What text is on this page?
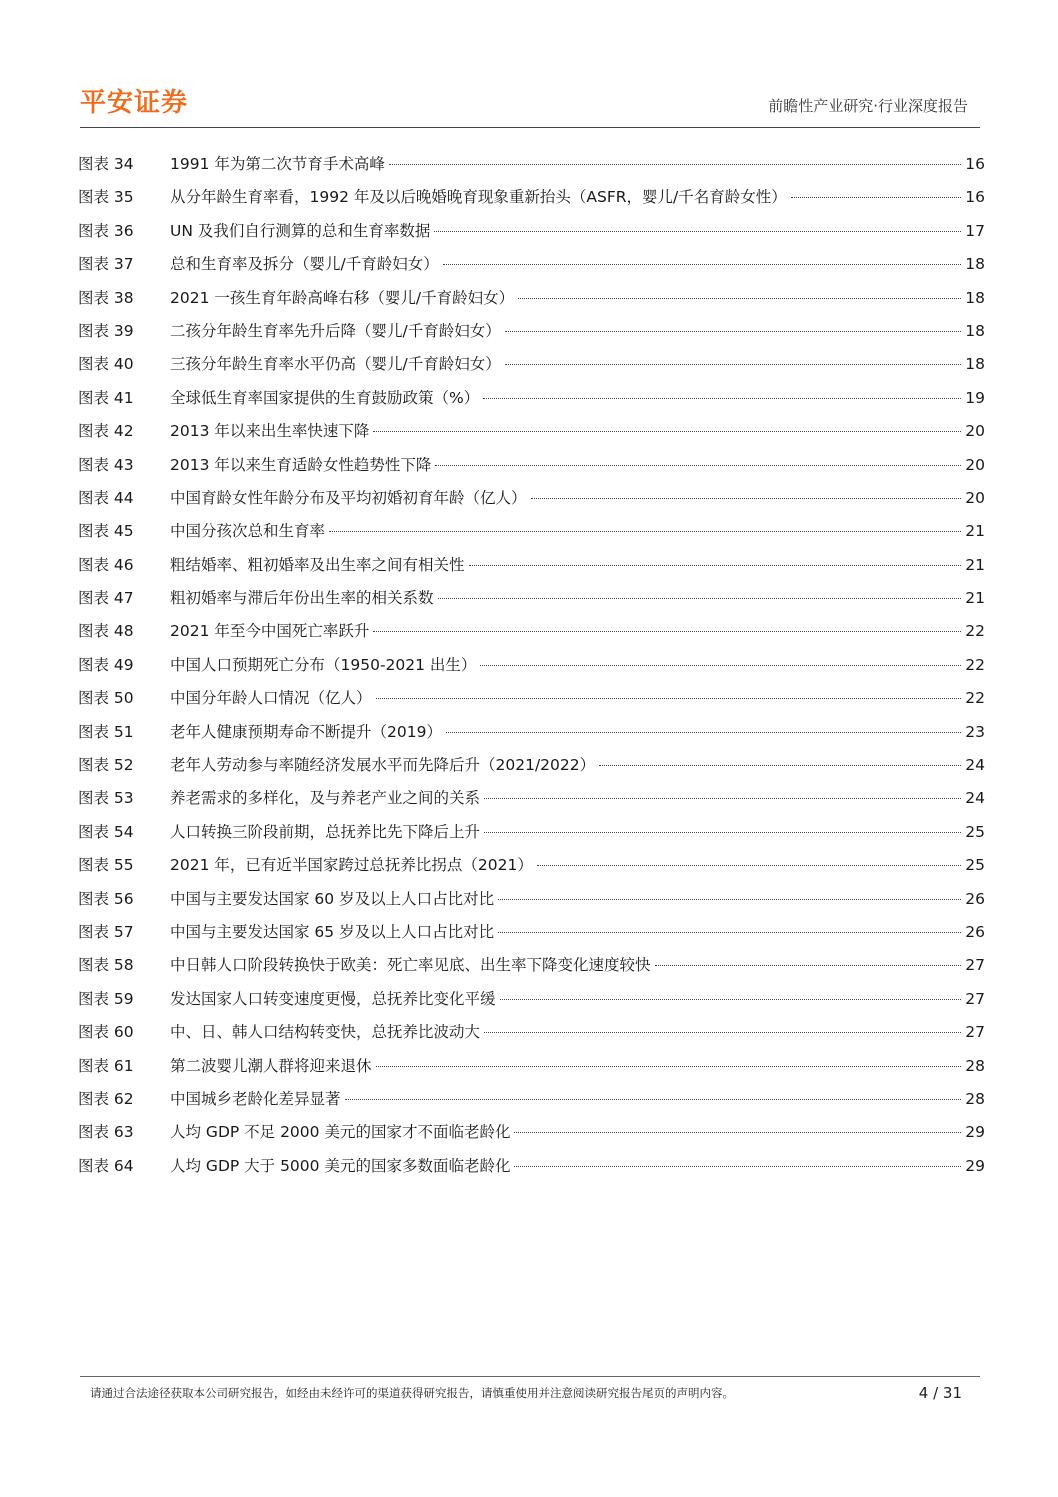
平安证券	前瞻性产业研究·行业深度报告
图表 34	1991 年为第二次节育手术高峰	16
图表 35	从分年龄生育率看，1992 年及以后晚婚晚育现象重新抬头（ASFR，婴儿/千名育龄女性）	16
图表 36	UN 及我们自行测算的总和生育率数据	17
图表 37	总和生育率及拆分（婴儿/千育龄妇女）	18
图表 38	2021 一孩生育年龄高峰右移（婴儿/千育龄妇女）	18
图表 39	二孩分年龄生育率先升后降（婴儿/千育龄妇女）	18
图表 40	三孩分年龄生育率水平仍高（婴儿/千育龄妇女）	18
图表 41	全球低生育率国家提供的生育鼓励政策（%）	19
图表 42	2013 年以来出生率快速下降	20
图表 43	2013 年以来生育适龄女性趋势性下降	20
图表 44	中国育龄女性年龄分布及平均初婚初育年龄（亿人）	20
图表 45	中国分孩次总和生育率	21
图表 46	粗结婚率、粗初婚率及出生率之间有相关性	21
图表 47	粗初婚率与滞后年份出生率的相关系数	21
图表 48	2021 年至今中国死亡率跃升	22
图表 49	中国人口预期死亡分布（1950-2021 出生）	22
图表 50	中国分年龄人口情况（亿人）	22
图表 51	老年人健康预期寿命不断提升（2019）	23
图表 52	老年人劳动参与率随经济发展水平而先降后升（2021/2022）	24
图表 53	养老需求的多样化，及与养老产业之间的关系	24
图表 54	人口转换三阶段前期，总抚养比先下降后上升	25
图表 55	2021 年，已有近半国家跨过总抚养比拐点（2021）	25
图表 56	中国与主要发达国家 60 岁及以上人口占比对比	26
图表 57	中国与主要发达国家 65 岁及以上人口占比对比	26
图表 58	中日韩人口阶段转换快于欧美：死亡率见底、出生率下降变化速度较快	27
图表 59	发达国家人口转变速度更慢，总抚养比变化平缓	27
图表 60	中、日、韩人口结构转变快，总抚养比波动大	27
图表 61	第二波婴儿潮人群将迎来退休	28
图表 62	中国城乡老龄化差异显著	28
图表 63	人均 GDP 不足 2000 美元的国家才不面临老龄化	29
图表 64	人均 GDP 大于 5000 美元的国家多数面临老龄化	29
请通过合法途径获取本公司研究报告，如经由未经许可的渠道获得研究报告，请慎重使用并注意阅读研究报告尾页的声明内容。	4 / 31
